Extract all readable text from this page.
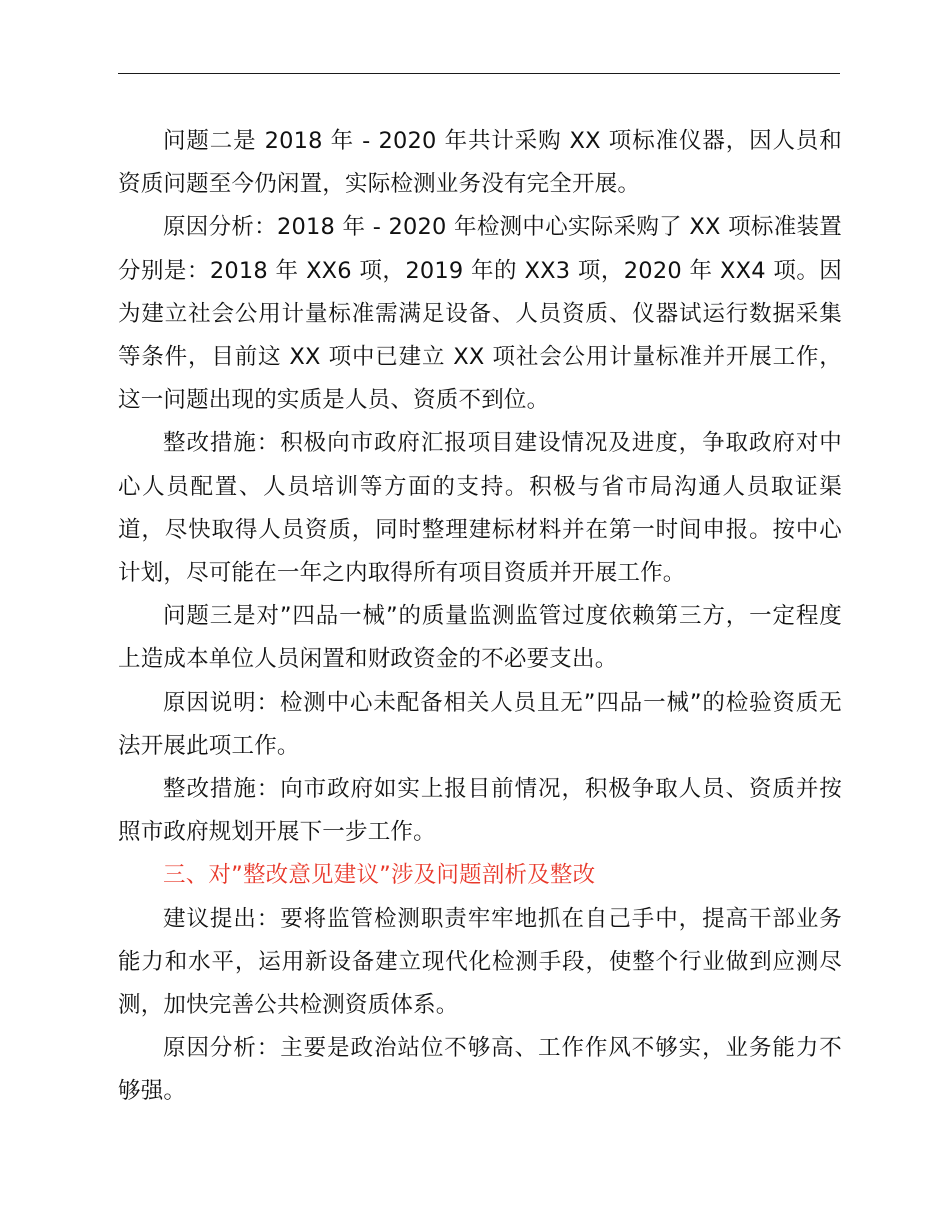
问题二是 2018 年 - 2020 年共计采购 XX 项标准仪器，因人员和资质问题至今仍闲置，实际检测业务没有完全开展。

原因分析：2018 年 - 2020 年检测中心实际采购了 XX 项标准装置分别是：2018 年 XX6 项，2019 年的 XX3 项，2020 年 XX4 项。因为建立社会公用计量标准需满足设备、人员资质、仪器试运行数据采集等条件，目前这 XX 项中已建立 XX 项社会公用计量标准并开展工作，这一问题出现的实质是人员、资质不到位。

整改措施：积极向市政府汇报项目建设情况及进度，争取政府对中心人员配置、人员培训等方面的支持。积极与省市局沟通人员取证渠道，尽快取得人员资质，同时整理建标材料并在第一时间申报。按中心计划，尽可能在一年之内取得所有项目资质并开展工作。

问题三是对”四品一械”的质量监测监管过度依赖第三方，一定程度上造成本单位人员闲置和财政资金的不必要支出。

原因说明：检测中心未配备相关人员且无”四品一械”的检验资质无法开展此项工作。

整改措施：向市政府如实上报目前情况，积极争取人员、资质并按照市政府规划开展下一步工作。

三、对”整改意见建议”涉及问题剖析及整改

建议提出：要将监管检测职责牢牢地抓在自己手中，提高干部业务能力和水平，运用新设备建立现代化检测手段，使整个行业做到应测尽测，加快完善公共检测资质体系。

原因分析：主要是政治站位不够高、工作作风不够实，业务能力不够强。
